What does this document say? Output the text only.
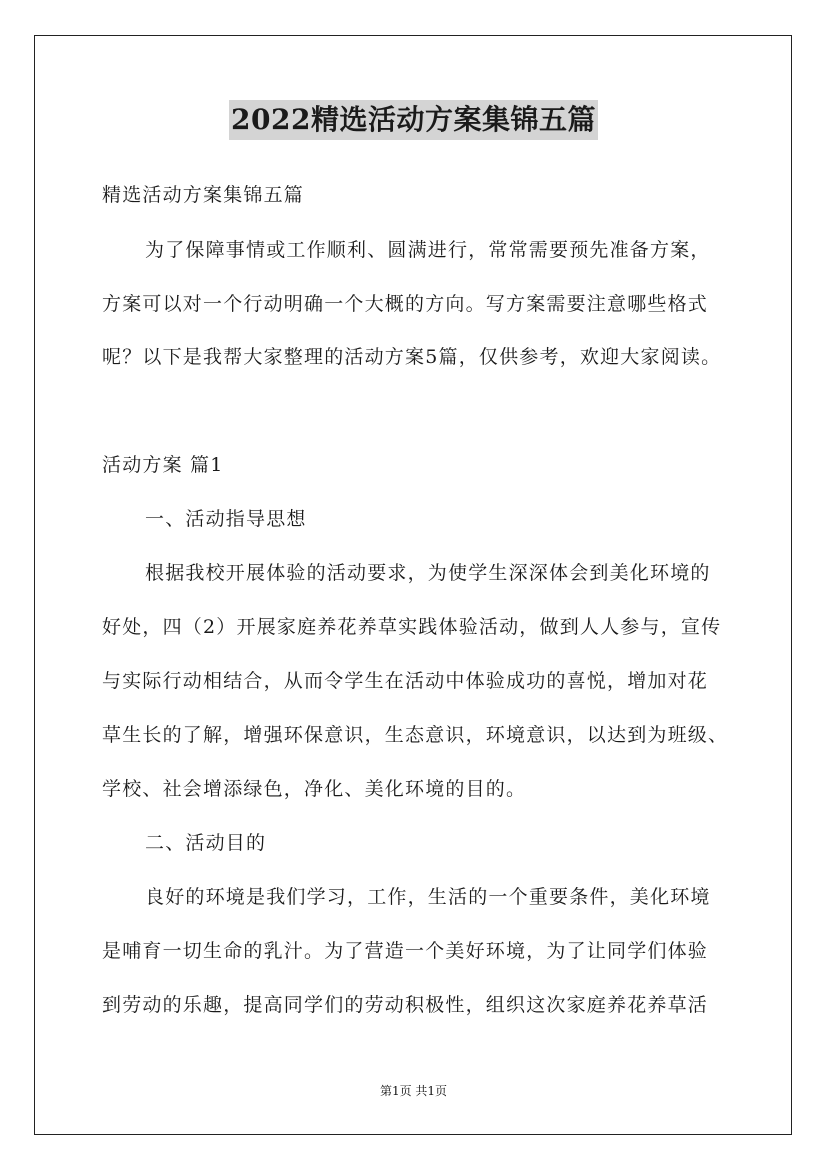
2022精选活动方案集锦五篇
精选活动方案集锦五篇
为了保障事情或工作顺利、圆满进行，常常需要预先准备方案，
方案可以对一个行动明确一个大概的方向。写方案需要注意哪些格式
呢？以下是我帮大家整理的活动方案5篇，仅供参考，欢迎大家阅读。
活动方案 篇1
一、活动指导思想
根据我校开展体验的活动要求，为使学生深深体会到美化环境的
好处，四（2）开展家庭养花养草实践体验活动，做到人人参与，宣传
与实际行动相结合，从而令学生在活动中体验成功的喜悦，增加对花
草生长的了解，增强环保意识，生态意识，环境意识，以达到为班级、
学校、社会增添绿色，净化、美化环境的目的。
二、活动目的
良好的环境是我们学习，工作，生活的一个重要条件，美化环境
是哺育一切生命的乳汁。为了营造一个美好环境，为了让同学们体验
到劳动的乐趣，提高同学们的劳动积极性，组织这次家庭养花养草活
第1页 共1页
